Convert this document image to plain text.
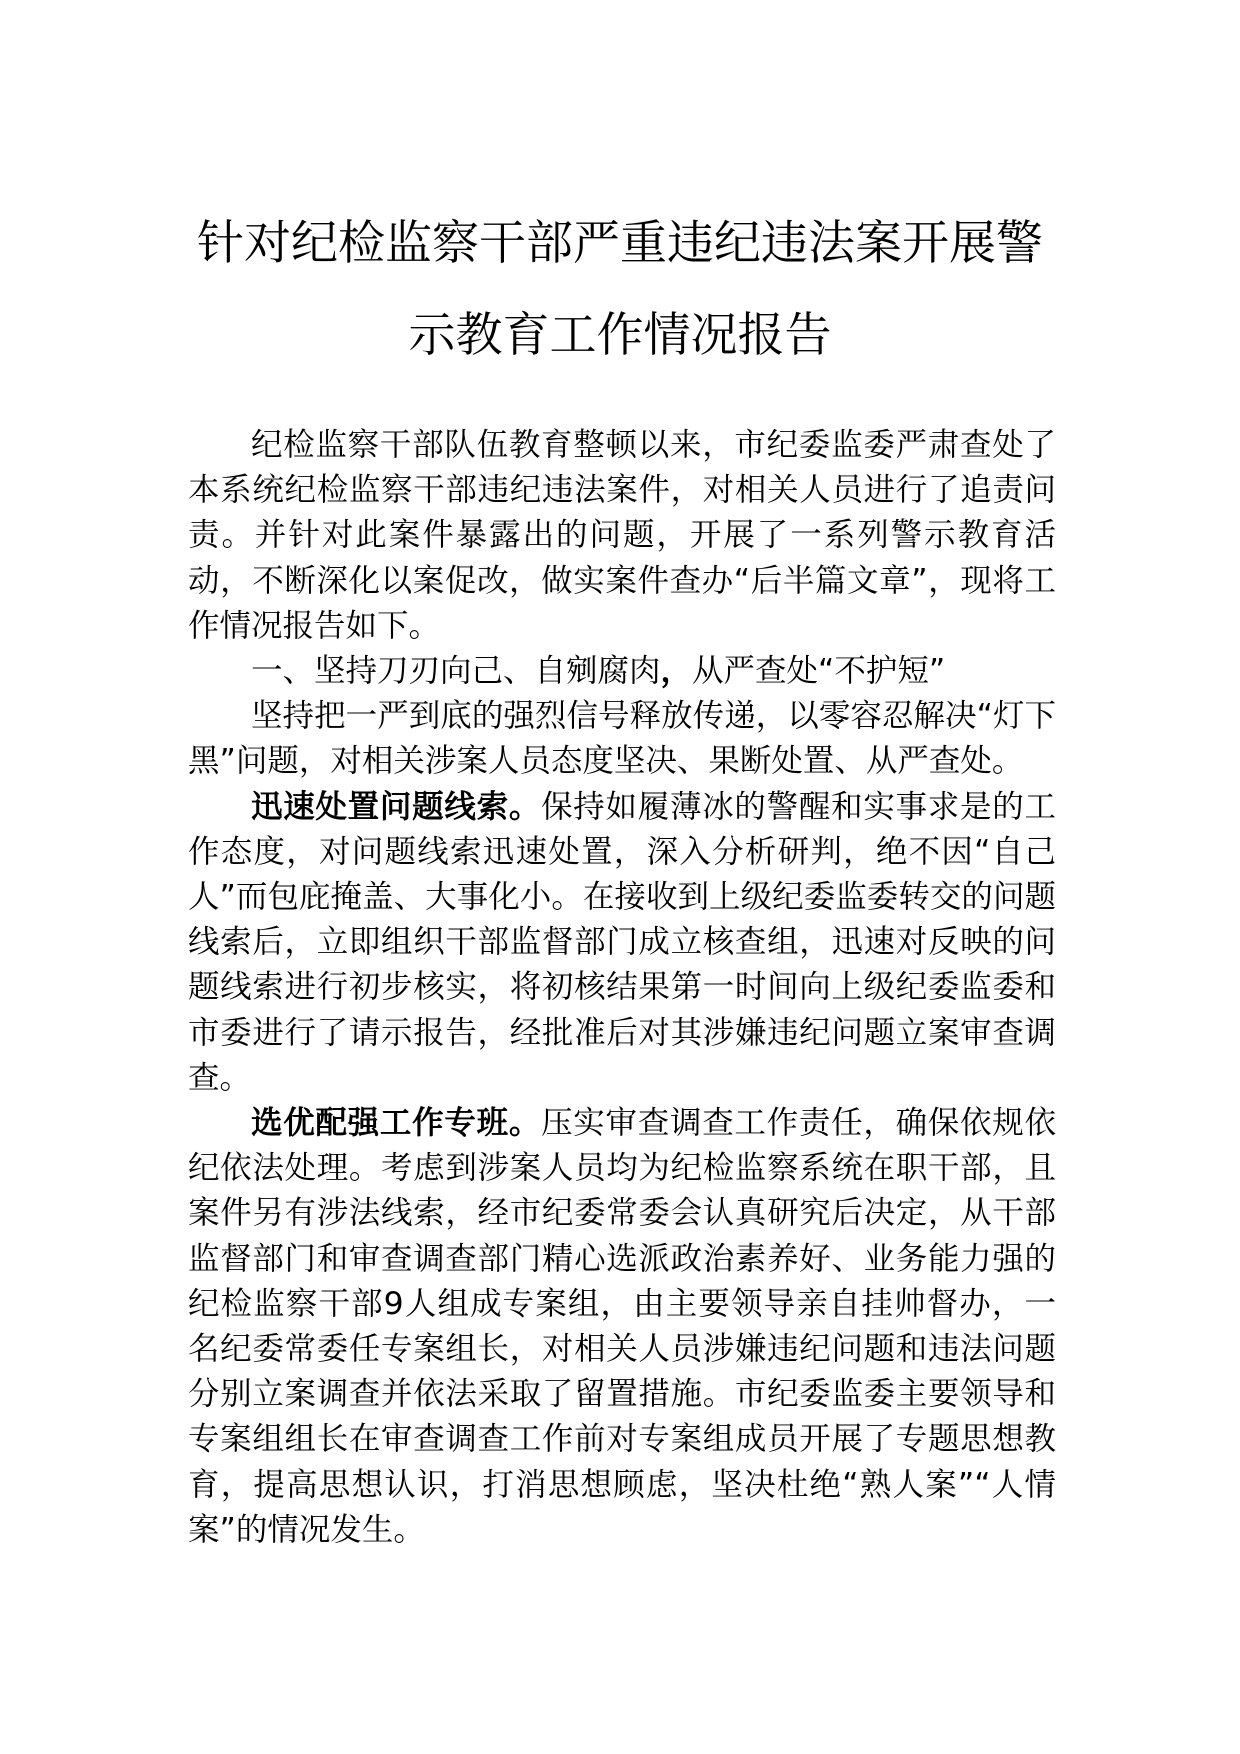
针对纪检监察干部严重违纪违法案开展警
示教育工作情况报告

纪检监察干部队伍教育整顿以来，市纪委监委严肃查处了本系统纪检监察干部违纪违法案件，对相关人员进行了追责问责。并针对此案件暴露出的问题，开展了一系列警示教育活动，不断深化以案促改，做实案件查办“后半篇文章”，现将工作情况报告如下。

一、坚持刀刃向己、自剜腐肉，从严查处“不护短”

坚持把一严到底的强烈信号释放传递，以零容忍解决“灯下黑”问题，对相关涉案人员态度坚决、果断处置、从严查处。

迅速处置问题线索。保持如履薄冰的警醒和实事求是的工作态度，对问题线索迅速处置，深入分析研判，绝不因“自己人”而包庇掩盖、大事化小。在接收到上级纪委监委转交的问题线索后，立即组织干部监督部门成立核查组，迅速对反映的问题线索进行初步核实，将初核结果第一时间向上级纪委监委和市委进行了请示报告，经批准后对其涉嫌违纪问题立案审查调查。

选优配强工作专班。压实审查调查工作责任，确保依规依纪依法处理。考虑到涉案人员均为纪检监察系统在职干部，且案件另有涉法线索，经市纪委常委会认真研究后决定，从干部监督部门和审查调查部门精心选派政治素养好、业务能力强的纪检监察干部9人组成专案组，由主要领导亲自挂帅督办，一名纪委常委任专案组长，对相关人员涉嫌违纪问题和违法问题分别立案调查并依法采取了留置措施。市纪委监委主要领导和专案组组长在审查调查工作前对专案组成员开展了专题思想教育，提高思想认识，打消思想顾虑，坚决杜绝“熟人案”“人情案”的情况发生。
